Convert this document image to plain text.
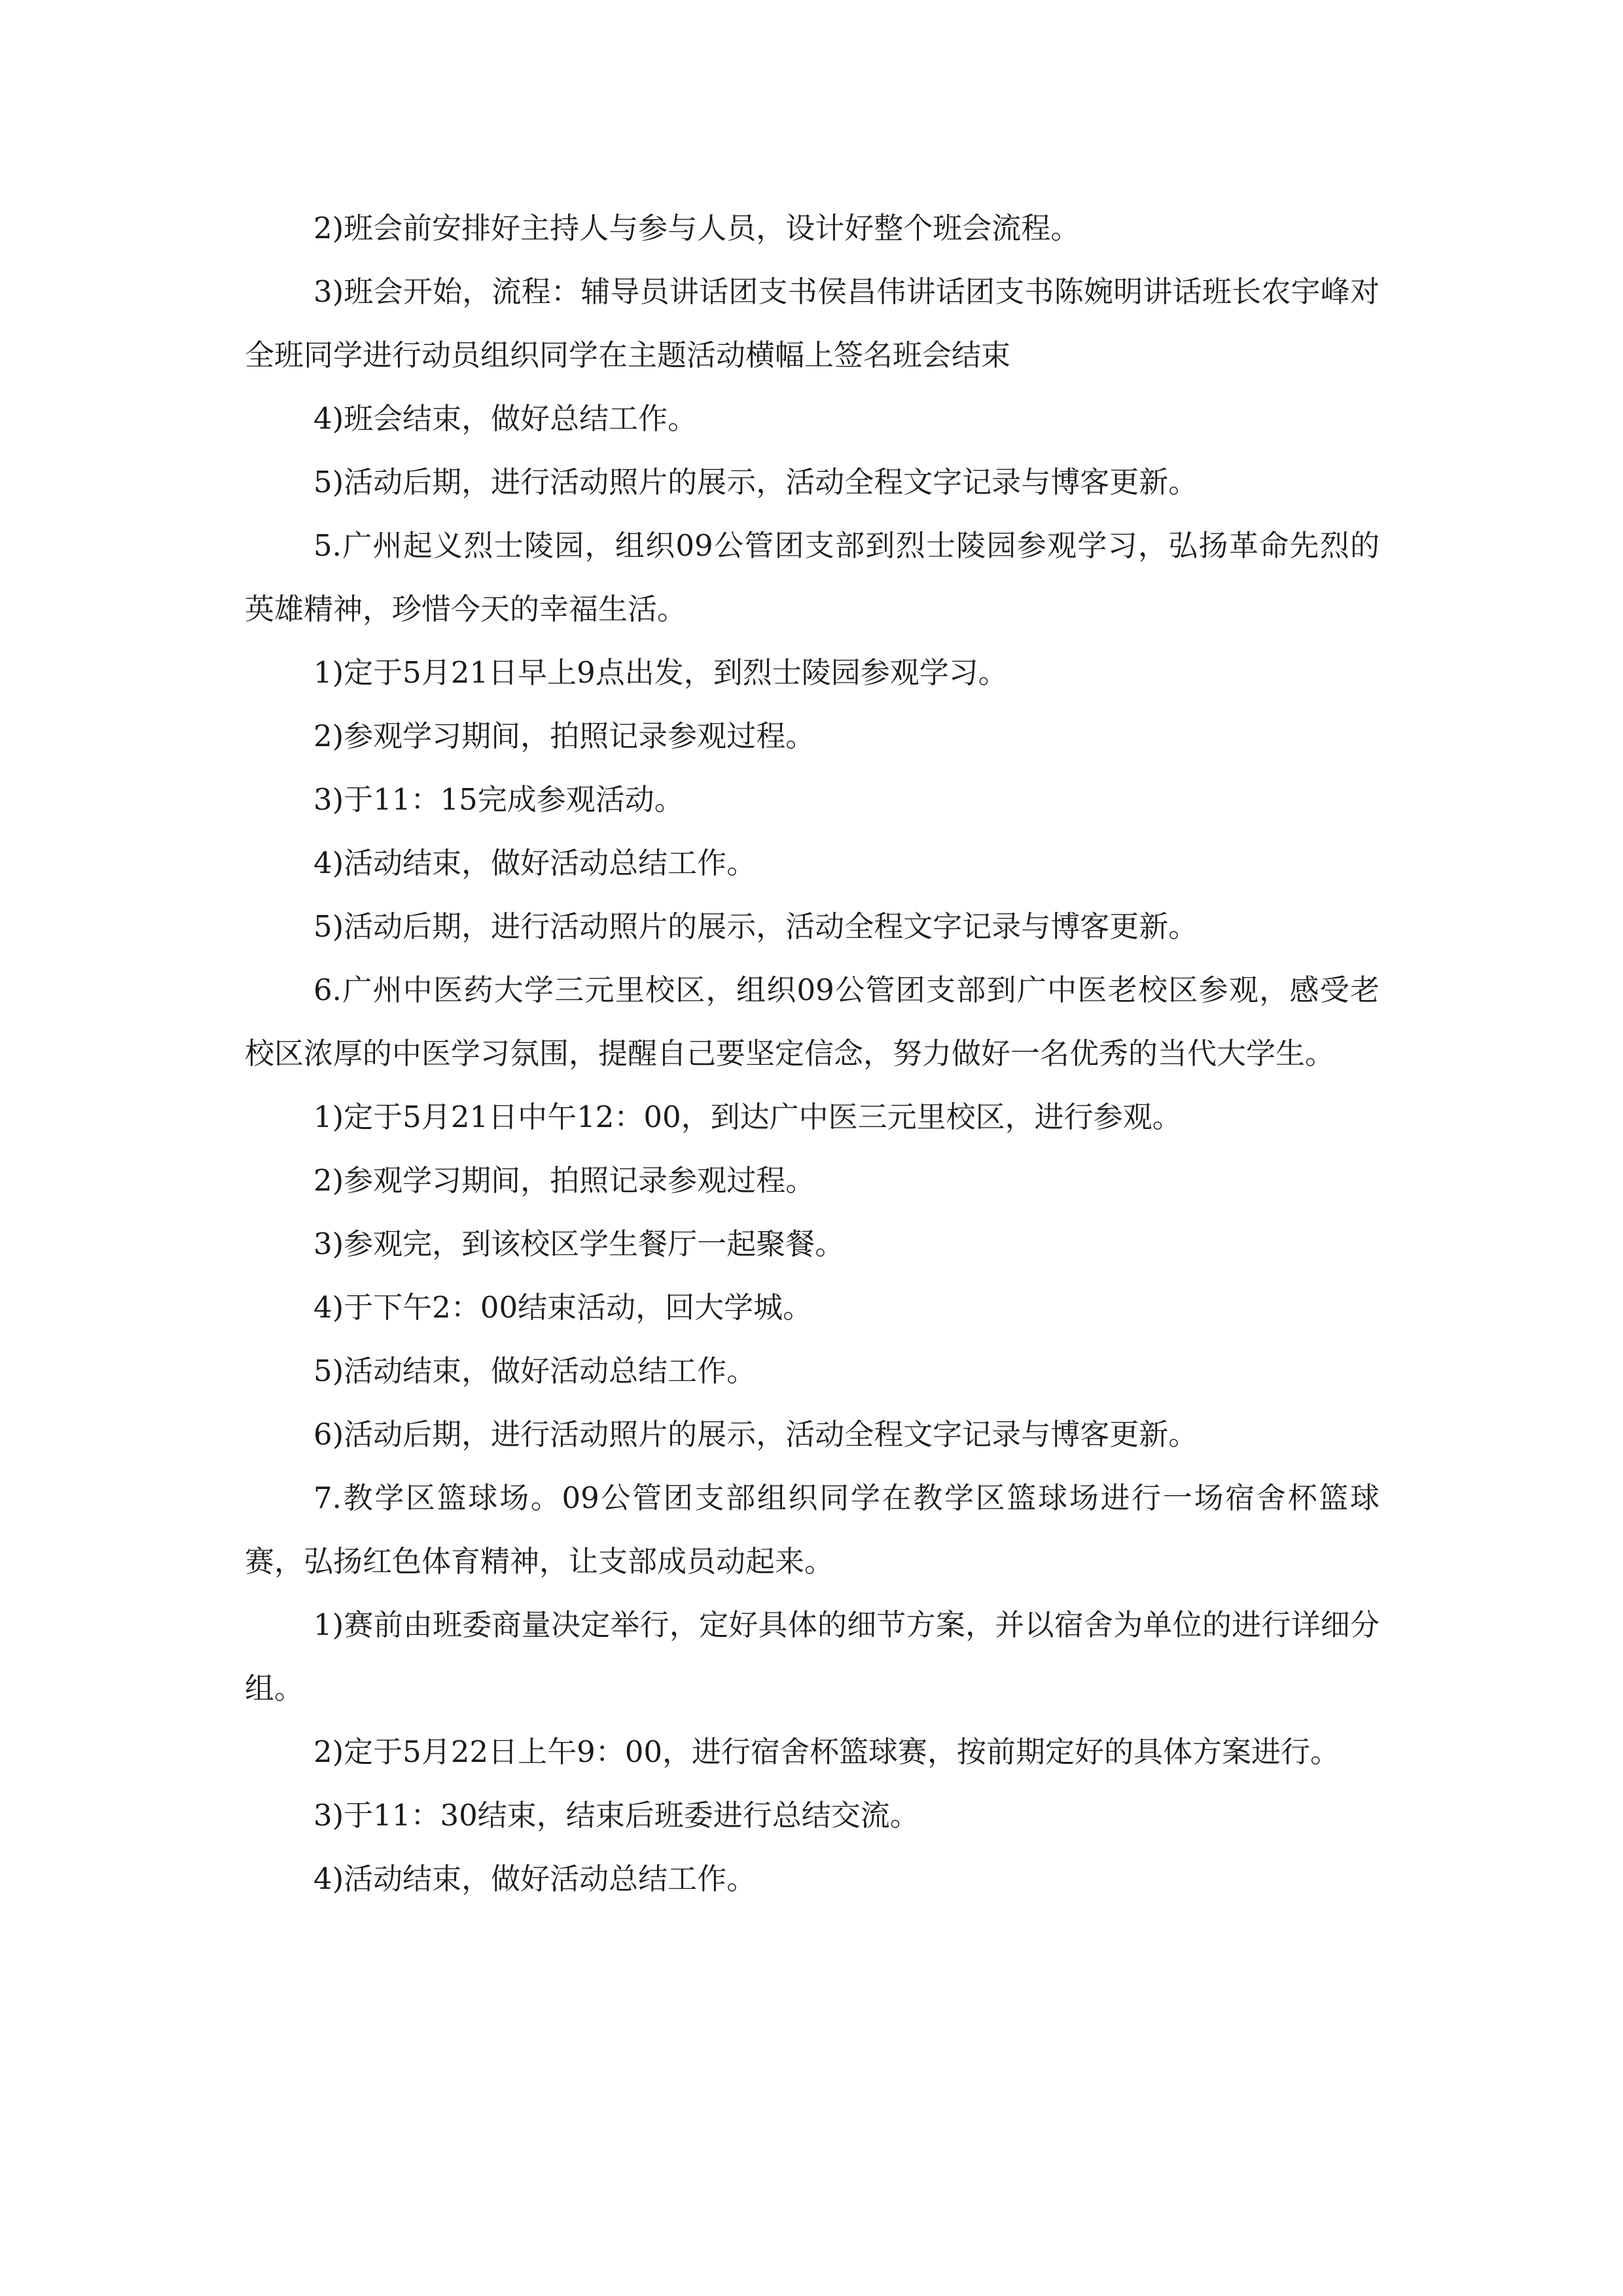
2)班会前安排好主持人与参与人员，设计好整个班会流程。

3)班会开始，流程：辅导员讲话团支书侯昌伟讲话团支书陈婉明讲话班长农宇峰对全班同学进行动员组织同学在主题活动横幅上签名班会结束

4)班会结束，做好总结工作。

5)活动后期，进行活动照片的展示，活动全程文字记录与博客更新。

5.广州起义烈士陵园，组织09公管团支部到烈士陵园参观学习，弘扬革命先烈的英雄精神，珍惜今天的幸福生活。

1)定于5月21日早上9点出发，到烈士陵园参观学习。

2)参观学习期间，拍照记录参观过程。

3)于11：15完成参观活动。

4)活动结束，做好活动总结工作。

5)活动后期，进行活动照片的展示，活动全程文字记录与博客更新。

6.广州中医药大学三元里校区，组织09公管团支部到广中医老校区参观，感受老校区浓厚的中医学习氛围，提醒自己要坚定信念，努力做好一名优秀的当代大学生。

1)定于5月21日中午12：00，到达广中医三元里校区，进行参观。

2)参观学习期间，拍照记录参观过程。

3)参观完，到该校区学生餐厅一起聚餐。

4)于下午2：00结束活动，回大学城。

5)活动结束，做好活动总结工作。

6)活动后期，进行活动照片的展示，活动全程文字记录与博客更新。

7.教学区篮球场。09公管团支部组织同学在教学区篮球场进行一场宿舍杯篮球赛，弘扬红色体育精神，让支部成员动起来。

1)赛前由班委商量决定举行，定好具体的细节方案，并以宿舍为单位的进行详细分组。

2)定于5月22日上午9：00，进行宿舍杯篮球赛，按前期定好的具体方案进行。

3)于11：30结束，结束后班委进行总结交流。

4)活动结束，做好活动总结工作。
